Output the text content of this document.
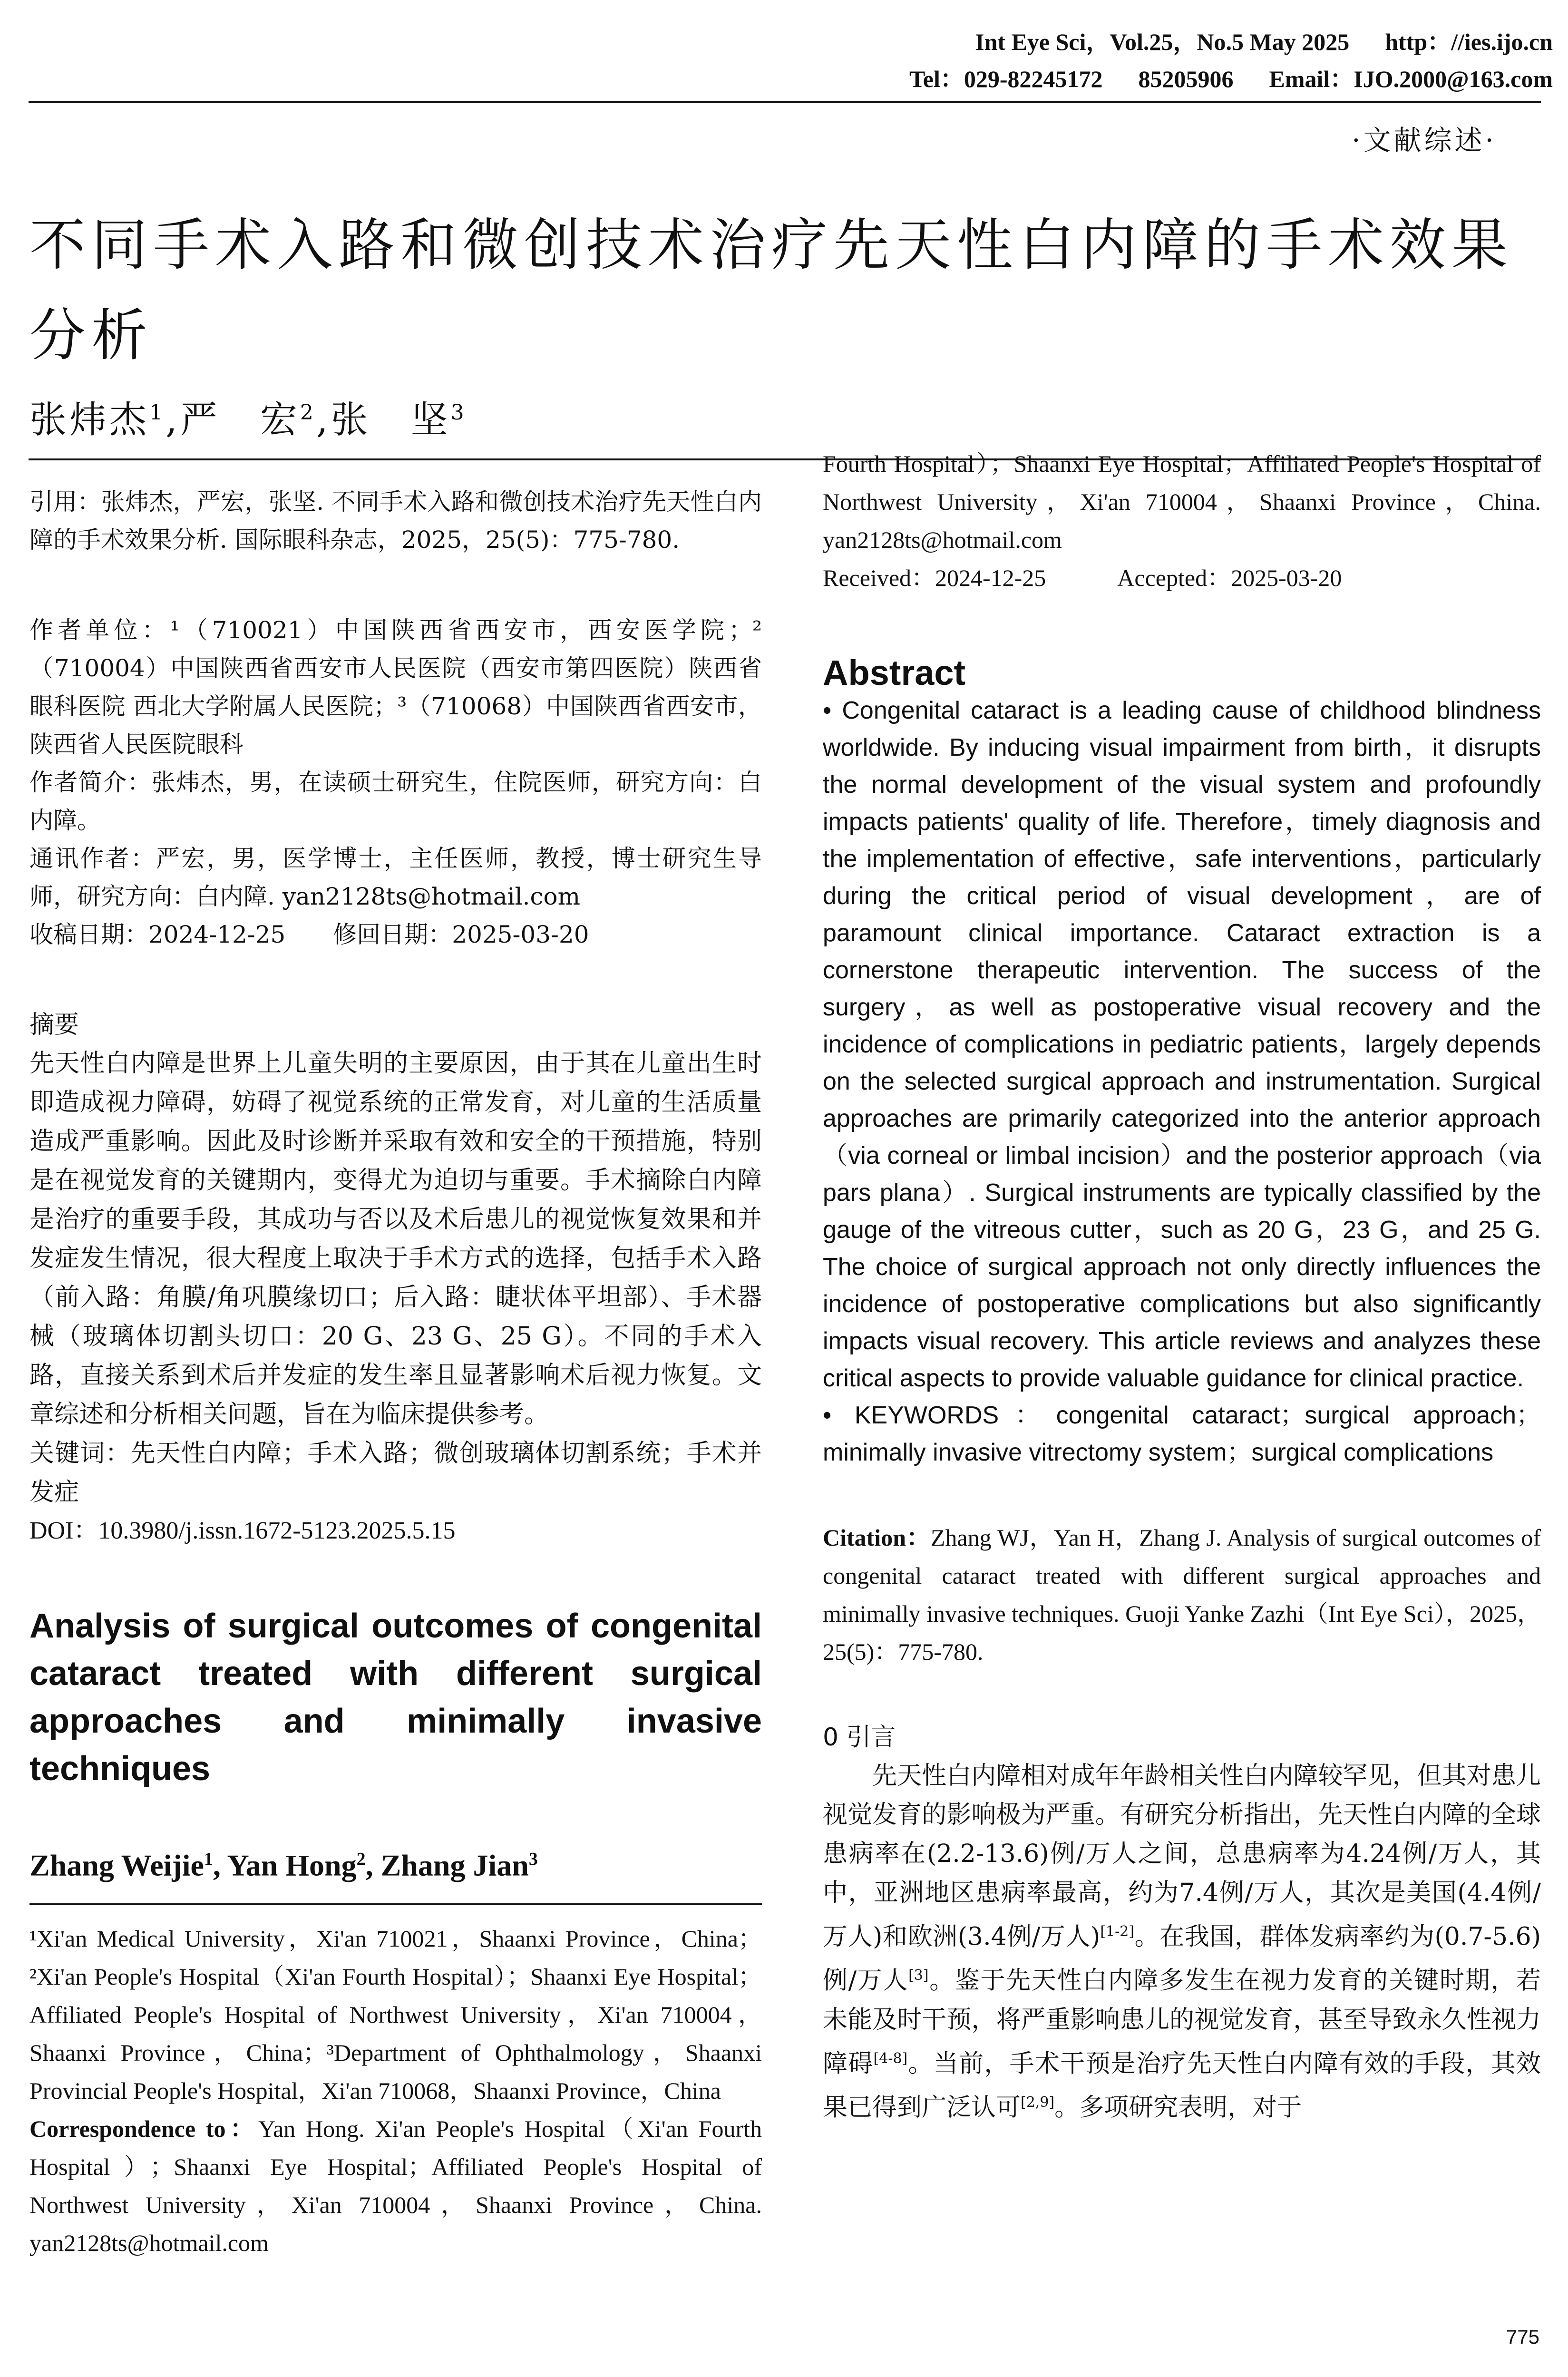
Int Eye Sci，Vol.25，No.5 May 2025      http：//ies.ijo.cn
Tel：029-82245172      85205906      Email：IJO.2000@163.com
·文献综述·
不同手术入路和微创技术治疗先天性白内障的手术效果分析
张炜杰$^1$,严　宏$^2$,张　坚$^3$

引用：张炜杰，严宏，张坚. 不同手术入路和微创技术治疗先天性白内障的手术效果分析. 国际眼科杂志，2025，25(5)：775-780.

作者单位：¹（710021）中国陕西省西安市，西安医学院；²（710004）中国陕西省西安市人民医院（西安市第四医院）陕西省眼科医院 西北大学附属人民医院；³（710068）中国陕西省西安市，陕西省人民医院眼科

作者简介：张炜杰，男，在读硕士研究生，住院医师，研究方向：白内障。

通讯作者：严宏，男，医学博士，主任医师，教授，博士研究生导师，研究方向：白内障. yan2128ts@hotmail.com

收稿日期：2024-12-25　　修回日期：2025-03-20

摘要

先天性白内障是世界上儿童失明的主要原因，由于其在儿童出生时即造成视力障碍，妨碍了视觉系统的正常发育，对儿童的生活质量造成严重影响。因此及时诊断并采取有效和安全的干预措施，特别是在视觉发育的关键期内，变得尤为迫切与重要。手术摘除白内障是治疗的重要手段，其成功与否以及术后患儿的视觉恢复效果和并发症发生情况，很大程度上取决于手术方式的选择，包括手术入路（前入路：角膜/角巩膜缘切口；后入路：睫状体平坦部）、手术器械（玻璃体切割头切口：20 G、23 G、25 G）。不同的手术入路，直接关系到术后并发症的发生率且显著影响术后视力恢复。文章综述和分析相关问题，旨在为临床提供参考。

关键词：先天性白内障；手术入路；微创玻璃体切割系统；手术并发症

DOI：10.3980/j.issn.1672-5123.2025.5.15

Analysis of surgical outcomes of congenital cataract treated with different surgical approaches and minimally invasive techniques

Zhang Weijie$^1$, Yan Hong$^2$, Zhang Jian$^3$

¹Xi'an Medical University，Xi'an 710021，Shaanxi Province，China；²Xi'an People's Hospital（Xi'an Fourth Hospital）；Shaanxi Eye Hospital；Affiliated People's Hospital of Northwest University，Xi'an 710004，Shaanxi Province，China；³Department of Ophthalmology，Shaanxi Provincial People's Hospital，Xi'an 710068，Shaanxi Province，China

Correspondence to：Yan Hong. Xi'an People's Hospital（Xi'an Fourth Hospital）；Shaanxi Eye Hospital；Affiliated People's Hospital of Northwest University，Xi'an 710004，Shaanxi Province，China. yan2128ts@hotmail.com

Fourth Hospital）；Shaanxi Eye Hospital；Affiliated People's Hospital of Northwest University，Xi'an 710004，Shaanxi Province，China. yan2128ts@hotmail.com

Received：2024-12-25　　　Accepted：2025-03-20

Abstract

• Congenital cataract is a leading cause of childhood blindness worldwide. By inducing visual impairment from birth，it disrupts the normal development of the visual system and profoundly impacts patients' quality of life. Therefore，timely diagnosis and the implementation of effective，safe interventions，particularly during the critical period of visual development，are of paramount clinical importance. Cataract extraction is a cornerstone therapeutic intervention. The success of the surgery，as well as postoperative visual recovery and the incidence of complications in pediatric patients，largely depends on the selected surgical approach and instrumentation. Surgical approaches are primarily categorized into the anterior approach（via corneal or limbal incision）and the posterior approach（via pars plana）. Surgical instruments are typically classified by the gauge of the vitreous cutter，such as 20 G，23 G，and 25 G. The choice of surgical approach not only directly influences the incidence of postoperative complications but also significantly impacts visual recovery. This article reviews and analyzes these critical aspects to provide valuable guidance for clinical practice.

• KEYWORDS：congenital cataract；surgical approach；minimally invasive vitrectomy system；surgical complications

Citation：Zhang WJ，Yan H，Zhang J. Analysis of surgical outcomes of congenital cataract treated with different surgical approaches and minimally invasive techniques. Guoji Yanke Zazhi（Int Eye Sci），2025，25(5)：775-780.

0 引言

先天性白内障相对成年年龄相关性白内障较罕见，但其对患儿视觉发育的影响极为严重。有研究分析指出，先天性白内障的全球患病率在(2.2-13.6)例/万人之间，总患病率为4.24例/万人，其中，亚洲地区患病率最高，约为7.4例/万人，其次是美国(4.4例/万人)和欧洲(3.4例/万人)[1-2]。在我国，群体发病率约为(0.7-5.6)例/万人[3]。鉴于先天性白内障多发生在视力发育的关键时期，若未能及时干预，将严重影响患儿的视觉发育，甚至导致永久性视力障碍[4-8]。当前，手术干预是治疗先天性白内障有效的手段，其效果已得到广泛认可[2,9]。多项研究表明，对于

775
